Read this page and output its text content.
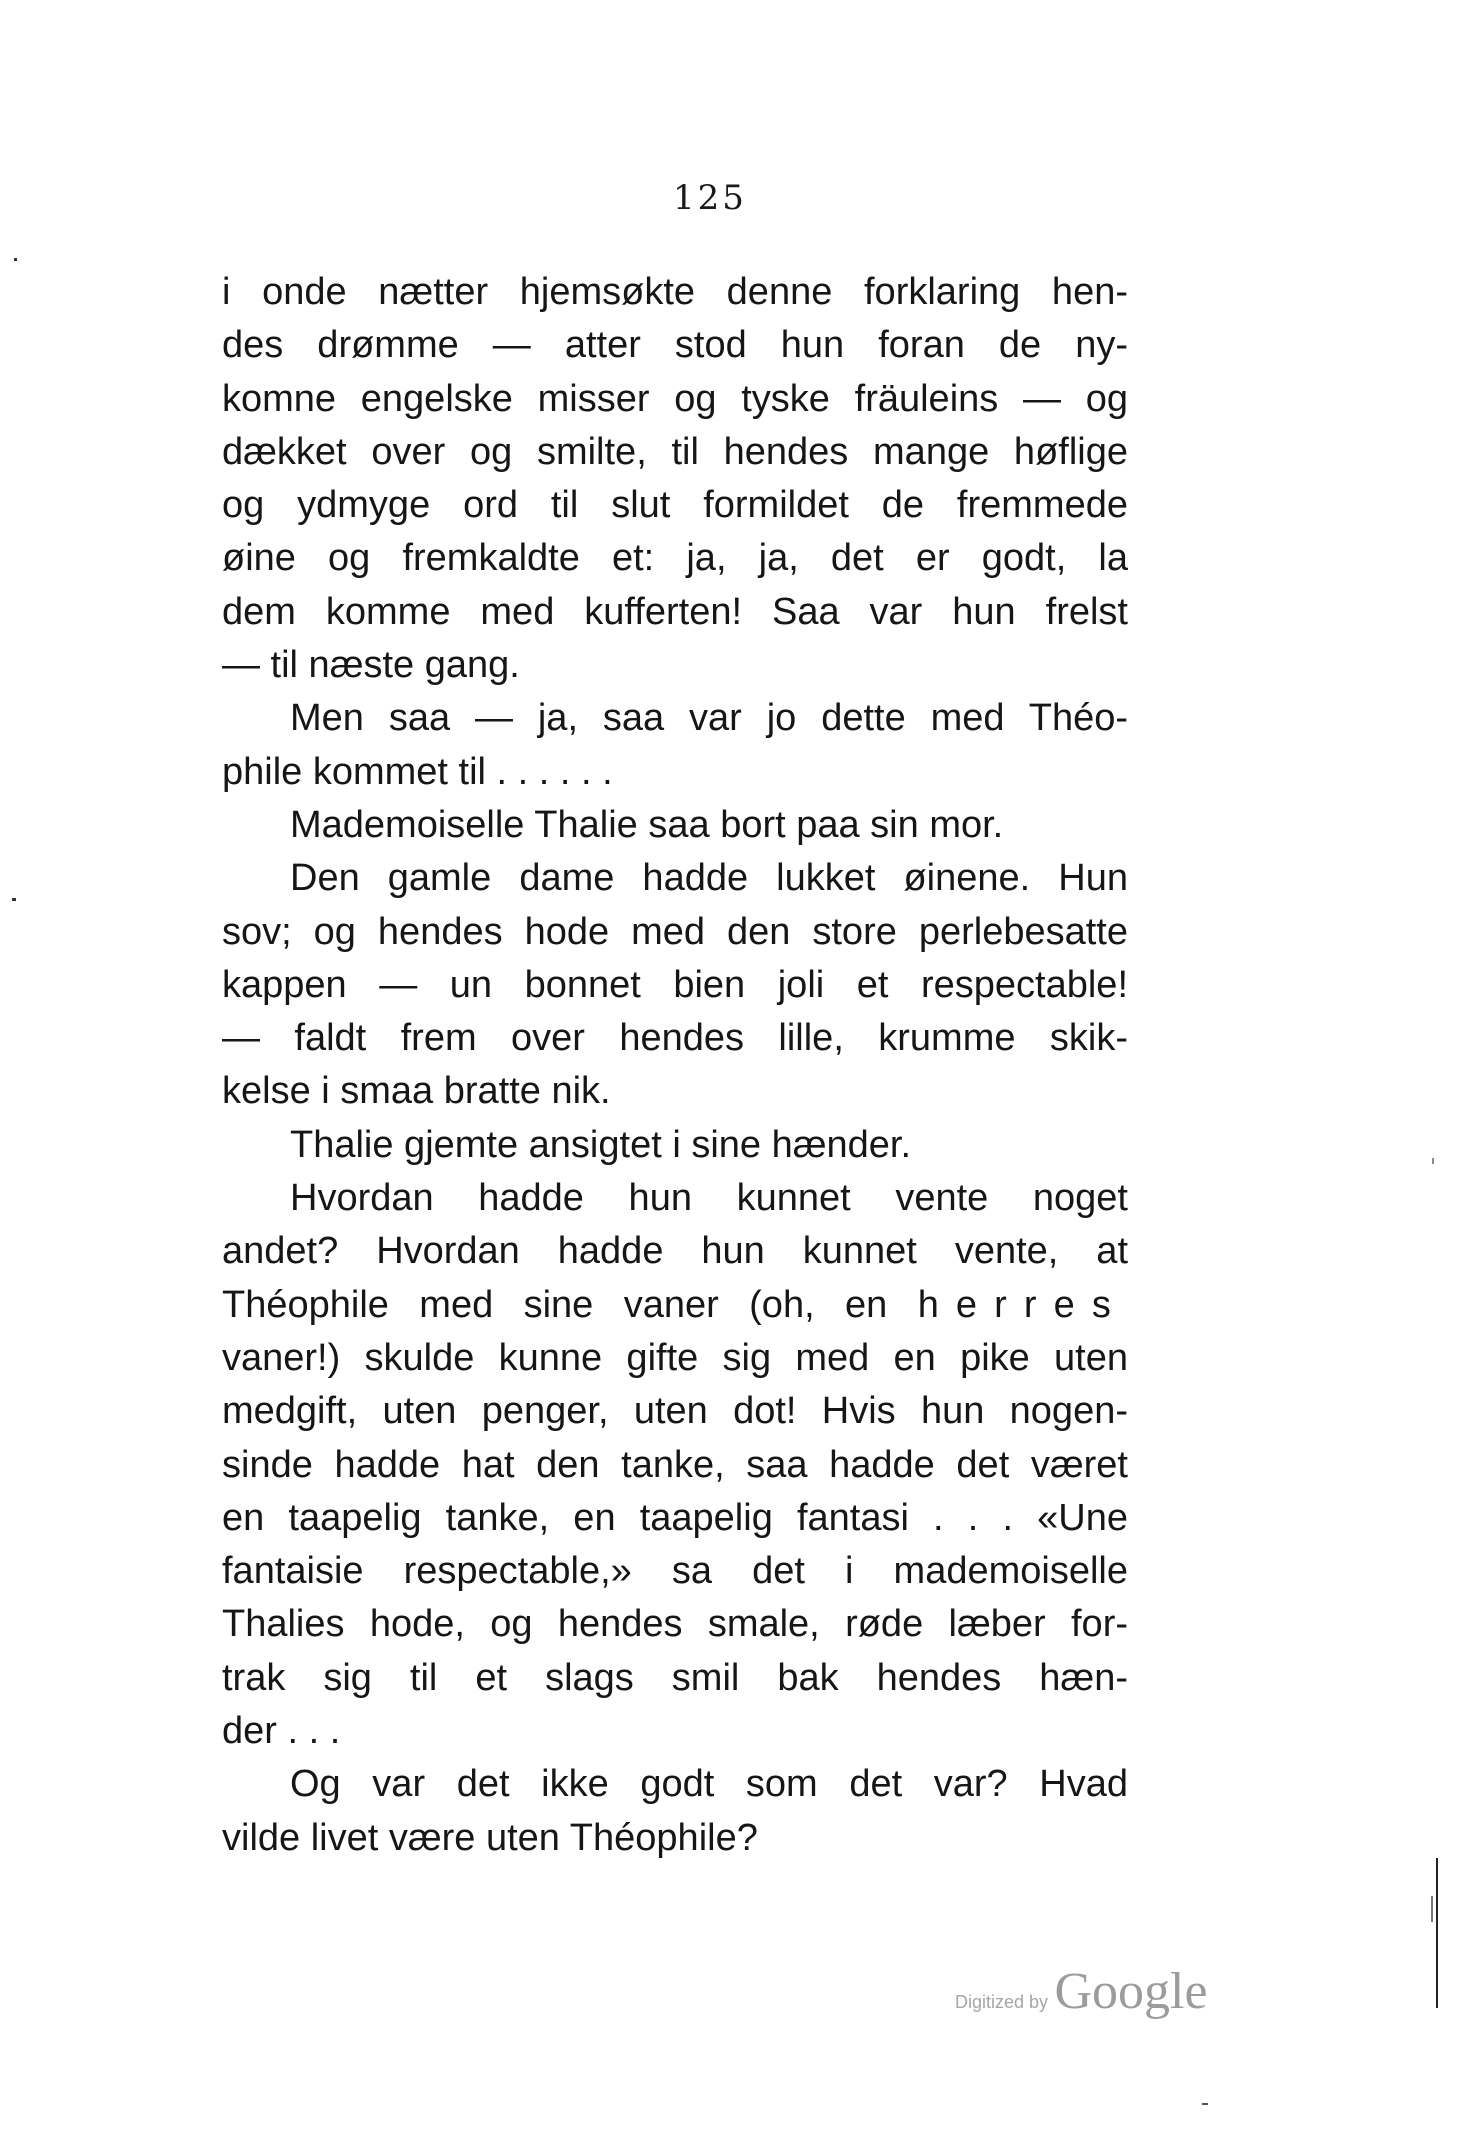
125
i onde nætter hjemsøkte denne forklaring hen-
des drømme — atter stod hun foran de ny-
komne engelske misser og tyske fräuleins — og
dækket over og smilte, til hendes mange høflige
og ydmyge ord til slut formildet de fremmede
øine og fremkaldte et: ja, ja, det er godt, la
dem komme med kufferten! Saa var hun frelst
— til næste gang.
Men saa — ja, saa var jo dette med Théo-
phile kommet til . . . . . .
Mademoiselle Thalie saa bort paa sin mor.
Den gamle dame hadde lukket øinene. Hun
sov; og hendes hode med den store perlebesatte
kappen — un bonnet bien joli et respectable!
— faldt frem over hendes lille, krumme skik-
kelse i smaa bratte nik.
Thalie gjemte ansigtet i sine hænder.
Hvordan hadde hun kunnet vente noget
andet? Hvordan hadde hun kunnet vente, at
Théophile med sine vaner (oh, en herres
vaner!) skulde kunne gifte sig med en pike uten
medgift, uten penger, uten dot! Hvis hun nogen-
sinde hadde hat den tanke, saa hadde det været
en taapelig tanke, en taapelig fantasi . . . «Une
fantaisie respectable,» sa det i mademoiselle
Thalies hode, og hendes smale, røde læber for-
trak sig til et slags smil bak hendes hæn-
der . . .
Og var det ikke godt som det var? Hvad
vilde livet være uten Théophile?
Digitized by Google
